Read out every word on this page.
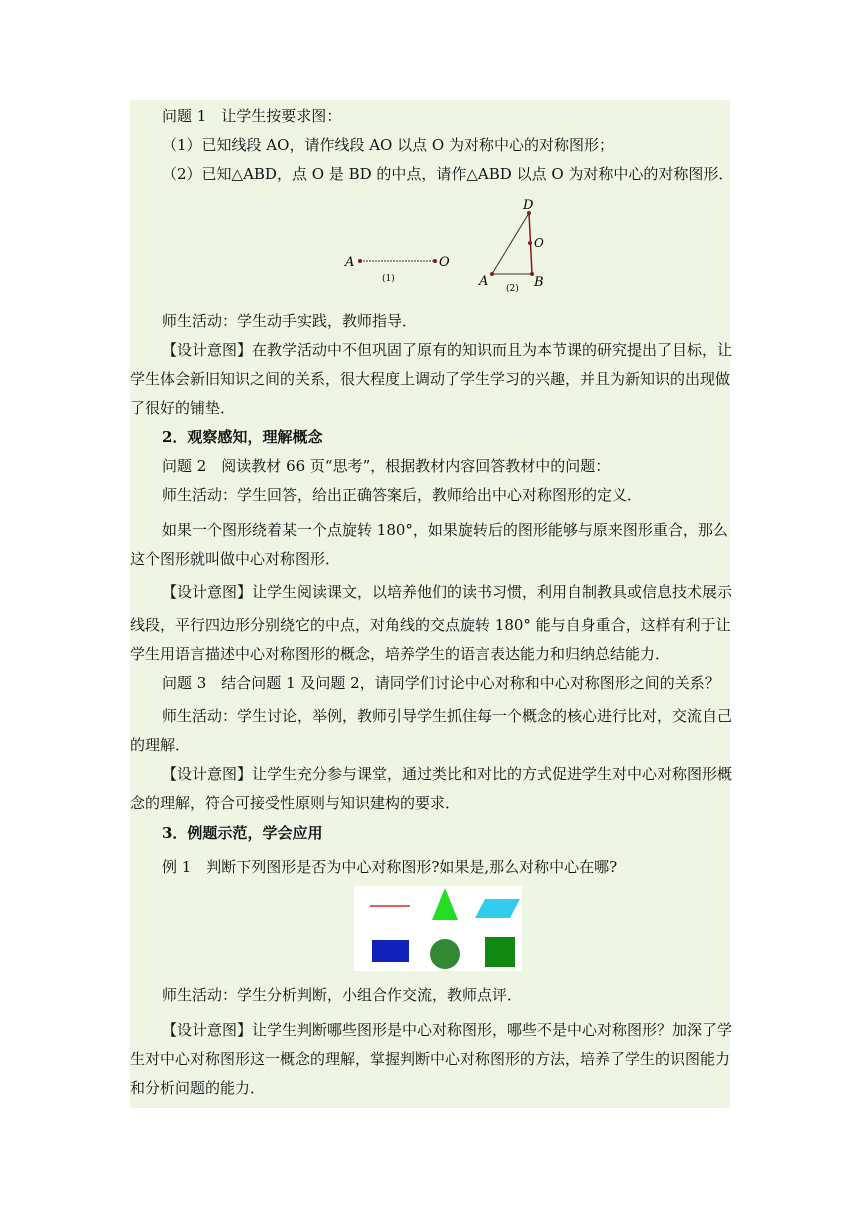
问题 1　让学生按要求图：
（1）已知线段 AO，请作线段 AO 以点 O 为对称中心的对称图形；
（2）已知△ABD，点 O 是 BD 的中点，请作△ABD 以点 O 为对称中心的对称图形．
A	O
(1)	A	B
D
O
(2)
师生活动：学生动手实践，教师指导．
【设计意图】在教学活动中不但巩固了原有的知识而且为本节课的研究提出了目标，让
学生体会新旧知识之间的关系，很大程度上调动了学生学习的兴趣，并且为新知识的出现做
了很好的铺垫．
2．观察感知，理解概念
问题 2　阅读教材 66 页“思考”，根据教材内容回答教材中的问题：
师生活动：学生回答，给出正确答案后，教师给出中心对称图形的定义．
如果一个图形绕着某一个点旋转 180°，如果旋转后的图形能够与原来图形重合，那么
这个图形就叫做中心对称图形．
【设计意图】让学生阅读课文，以培养他们的读书习惯，利用自制教具或信息技术展示
线段，平行四边形分别绕它的中点，对角线的交点旋转 180° 能与自身重合，这样有利于让
学生用语言描述中心对称图形的概念，培养学生的语言表达能力和归纳总结能力．
问题 3　结合问题 1 及问题 2，请同学们讨论中心对称和中心对称图形之间的关系？
师生活动：学生讨论，举例，教师引导学生抓住每一个概念的核心进行比对，交流自己
的理解．
【设计意图】让学生充分参与课堂，通过类比和对比的方式促进学生对中心对称图形概
念的理解，符合可接受性原则与知识建构的要求．
3．例题示范，学会应用
例 1　判断下列图形是否为中心对称图形?如果是,那么对称中心在哪?
师生活动：学生分析判断，小组合作交流，教师点评．
【设计意图】让学生判断哪些图形是中心对称图形，哪些不是中心对称图形？加深了学
生对中心对称图形这一概念的理解，掌握判断中心对称图形的方法，培养了学生的识图能力
和分析问题的能力．
